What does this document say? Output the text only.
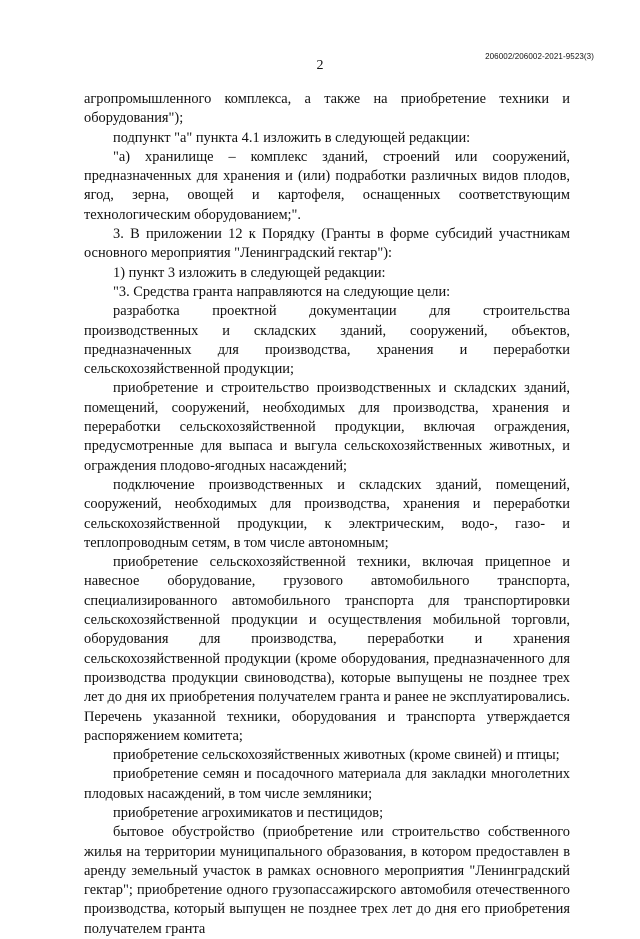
2
206002/206002-2021-9523(3)

агропромышленного комплекса, а также на приобретение техники и оборудования");

подпункт "а" пункта 4.1 изложить в следующей редакции:

"а) хранилище – комплекс зданий, строений или сооружений, предназначенных для хранения и (или) подработки различных видов плодов, ягод, зерна, овощей и картофеля, оснащенных соответствующим технологическим оборудованием;".

3. В приложении 12 к Порядку (Гранты в форме субсидий участникам основного мероприятия "Ленинградский гектар"):

1) пункт 3 изложить в следующей редакции:

"3. Средства гранта направляются на следующие цели:

разработка проектной документации для строительства производственных и складских зданий, сооружений, объектов, предназначенных для производства, хранения и переработки сельскохозяйственной продукции;

приобретение и строительство производственных и складских зданий, помещений, сооружений, необходимых для производства, хранения и переработки сельскохозяйственной продукции, включая ограждения, предусмотренные для выпаса и выгула сельскохозяйственных животных, и ограждения плодово-ягодных насаждений;

подключение производственных и складских зданий, помещений, сооружений, необходимых для производства, хранения и переработки сельскохозяйственной продукции, к электрическим, водо-, газо- и теплопроводным сетям, в том числе автономным;

приобретение сельскохозяйственной техники, включая прицепное и навесное оборудование, грузового автомобильного транспорта, специализированного автомобильного транспорта для транспортировки сельскохозяйственной продукции и осуществления мобильной торговли, оборудования для производства, переработки и хранения сельскохозяйственной продукции (кроме оборудования, предназначенного для производства продукции свиноводства), которые выпущены не позднее трех лет до дня их приобретения получателем гранта и ранее не эксплуатировались. Перечень указанной техники, оборудования и транспорта утверждается распоряжением комитета;

приобретение сельскохозяйственных животных (кроме свиней) и птицы;

приобретение семян и посадочного материала для закладки многолетних плодовых насаждений, в том числе земляники;

приобретение агрохимикатов и пестицидов;

бытовое обустройство (приобретение или строительство собственного жилья на территории муниципального образования, в котором предоставлен в аренду земельный участок в рамках основного мероприятия "Ленинградский гектар"; приобретение одного грузопассажирского автомобиля отечественного производства, который выпущен не позднее трех лет до дня его приобретения получателем гранта
